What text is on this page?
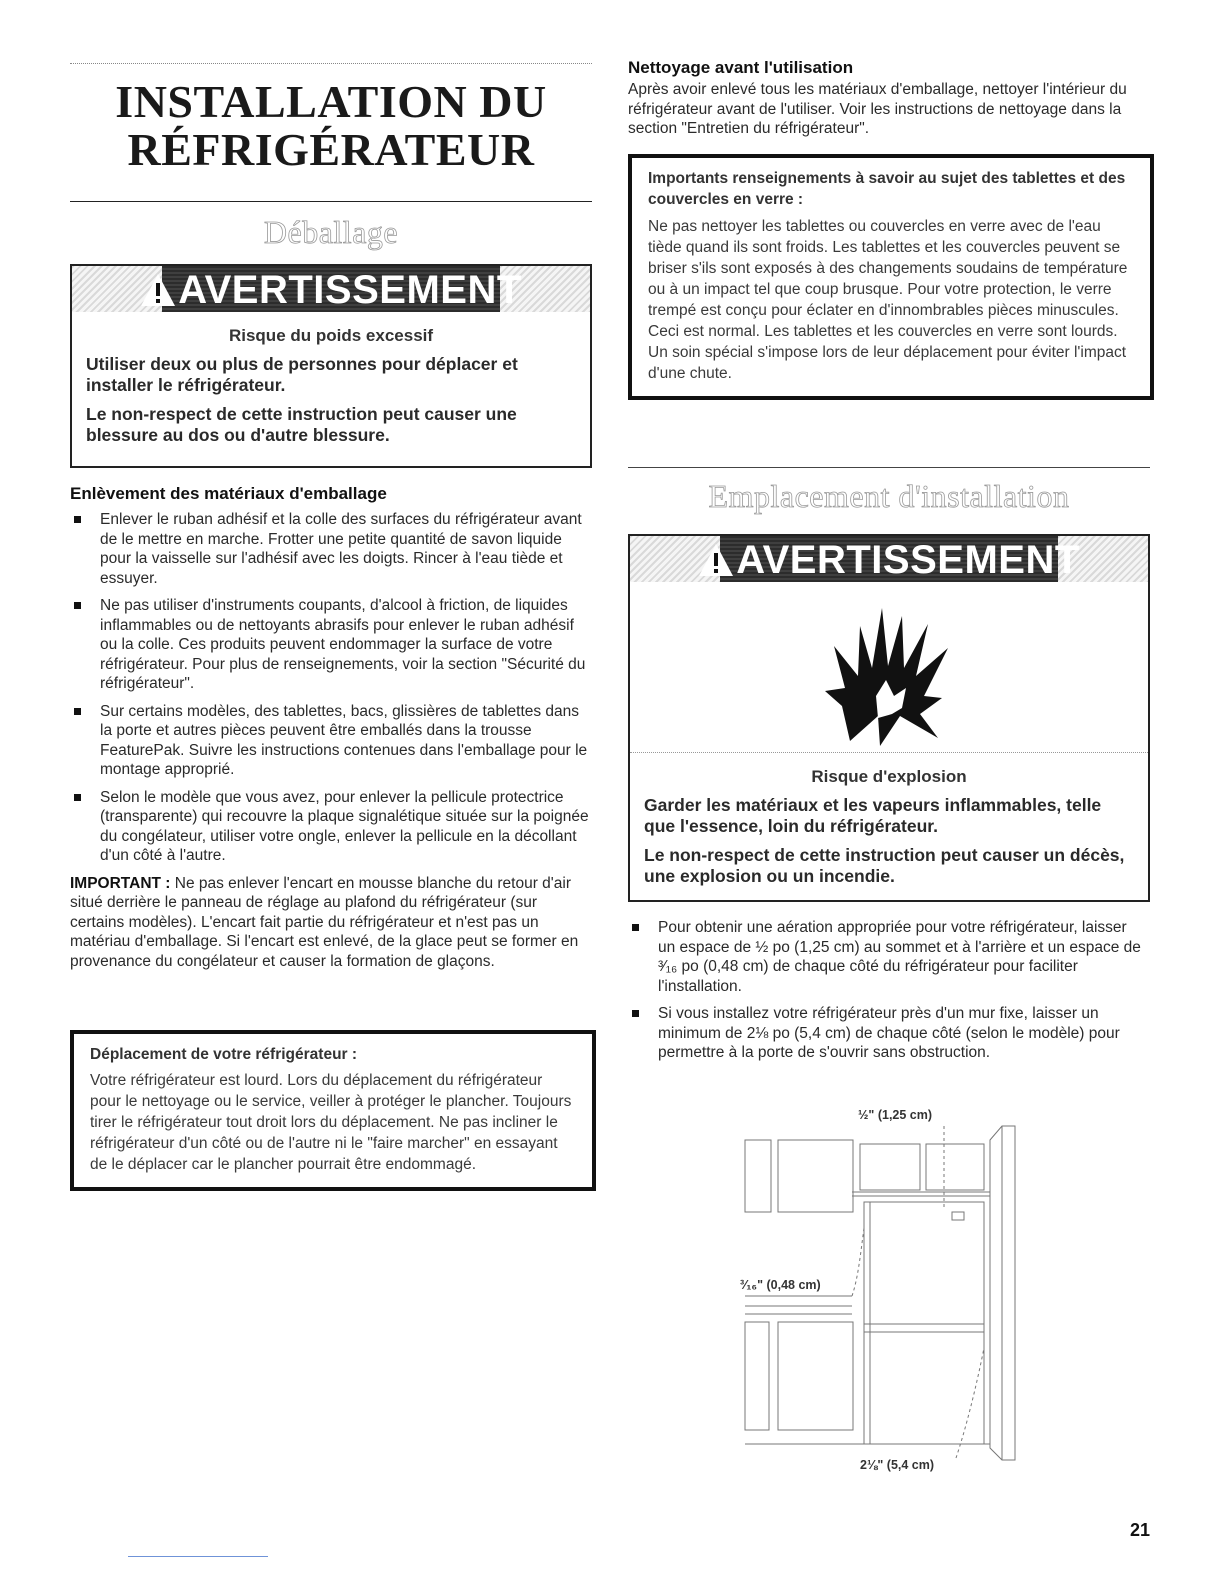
INSTALLATION DU
RÉFRIGÉRATEUR
Déballage
AVERTISSEMENT
Risque du poids excessif

Utiliser deux ou plus de personnes pour déplacer et installer le réfrigérateur.

Le non-respect de cette instruction peut causer une blessure au dos ou d'autre blessure.

Enlèvement des matériaux d'emballage

Enlever le ruban adhésif et la colle des surfaces du réfrigérateur avant de le mettre en marche. Frotter une petite quantité de savon liquide pour la vaisselle sur l'adhésif avec les doigts. Rincer à l'eau tiède et essuyer.
Ne pas utiliser d'instruments coupants, d'alcool à friction, de liquides inflammables ou de nettoyants abrasifs pour enlever le ruban adhésif ou la colle. Ces produits peuvent endommager la surface de votre réfrigérateur. Pour plus de renseignements, voir la section "Sécurité du réfrigérateur".
Sur certains modèles, des tablettes, bacs, glissières de tablettes dans la porte et autres pièces peuvent être emballés dans la trousse FeaturePak. Suivre les instructions contenues dans l'emballage pour le montage approprié.
Selon le modèle que vous avez, pour enlever la pellicule protectrice (transparente) qui recouvre la plaque signalétique située sur la poignée du congélateur, utiliser votre ongle, enlever la pellicule en la décollant d'un côté à l'autre.

IMPORTANT : Ne pas enlever l'encart en mousse blanche du retour d'air situé derrière le panneau de réglage au plafond du réfrigérateur (sur certains modèles). L'encart fait partie du réfrigérateur et n'est pas un matériau d'emballage. Si l'encart est enlevé, de la glace peut se former en provenance du congélateur et causer la formation de glaçons.

Déplacement de votre réfrigérateur :

Votre réfrigérateur est lourd. Lors du déplacement du réfrigérateur pour le nettoyage ou le service, veiller à protéger le plancher. Toujours tirer le réfrigérateur tout droit lors du déplacement. Ne pas incliner le réfrigérateur d'un côté ou de l'autre ni le "faire marcher" en essayant de le déplacer car le plancher pourrait être endommagé.

Nettoyage avant l'utilisation

Après avoir enlevé tous les matériaux d'emballage, nettoyer l'intérieur du réfrigérateur avant de l'utiliser. Voir les instructions de nettoyage dans la section "Entretien du réfrigérateur".

Importants renseignements à savoir au sujet des tablettes et des couvercles en verre :

Ne pas nettoyer les tablettes ou couvercles en verre avec de l'eau tiède quand ils sont froids. Les tablettes et les couvercles peuvent se briser s'ils sont exposés à des changements soudains de température ou à un impact tel que coup brusque. Pour votre protection, le verre trempé est conçu pour éclater en d'innombrables pièces minuscules. Ceci est normal. Les tablettes et les couvercles en verre sont lourds. Un soin spécial s'impose lors de leur déplacement pour éviter l'impact d'une chute.

Emplacement d'installation
AVERTISSEMENT
Risque d'explosion

Garder les matériaux et les vapeurs inflammables, telle que l'essence, loin du réfrigérateur.

Le non-respect de cette instruction peut causer un décès, une explosion ou un incendie.

Pour obtenir une aération appropriée pour votre réfrigérateur, laisser un espace de ½ po (1,25 cm) au sommet et à l'arrière et un espace de ³⁄₁₆ po (0,48 cm) de chaque côté du réfrigérateur pour faciliter l'installation.
Si vous installez votre réfrigérateur près d'un mur fixe, laisser un minimum de 2⅛ po (5,4 cm) de chaque côté (selon le modèle) pour permettre à la porte de s'ouvrir sans obstruction.
½" (1,25 cm)
³⁄₁₆" (0,48 cm)
2⅛" (5,4 cm)
21
